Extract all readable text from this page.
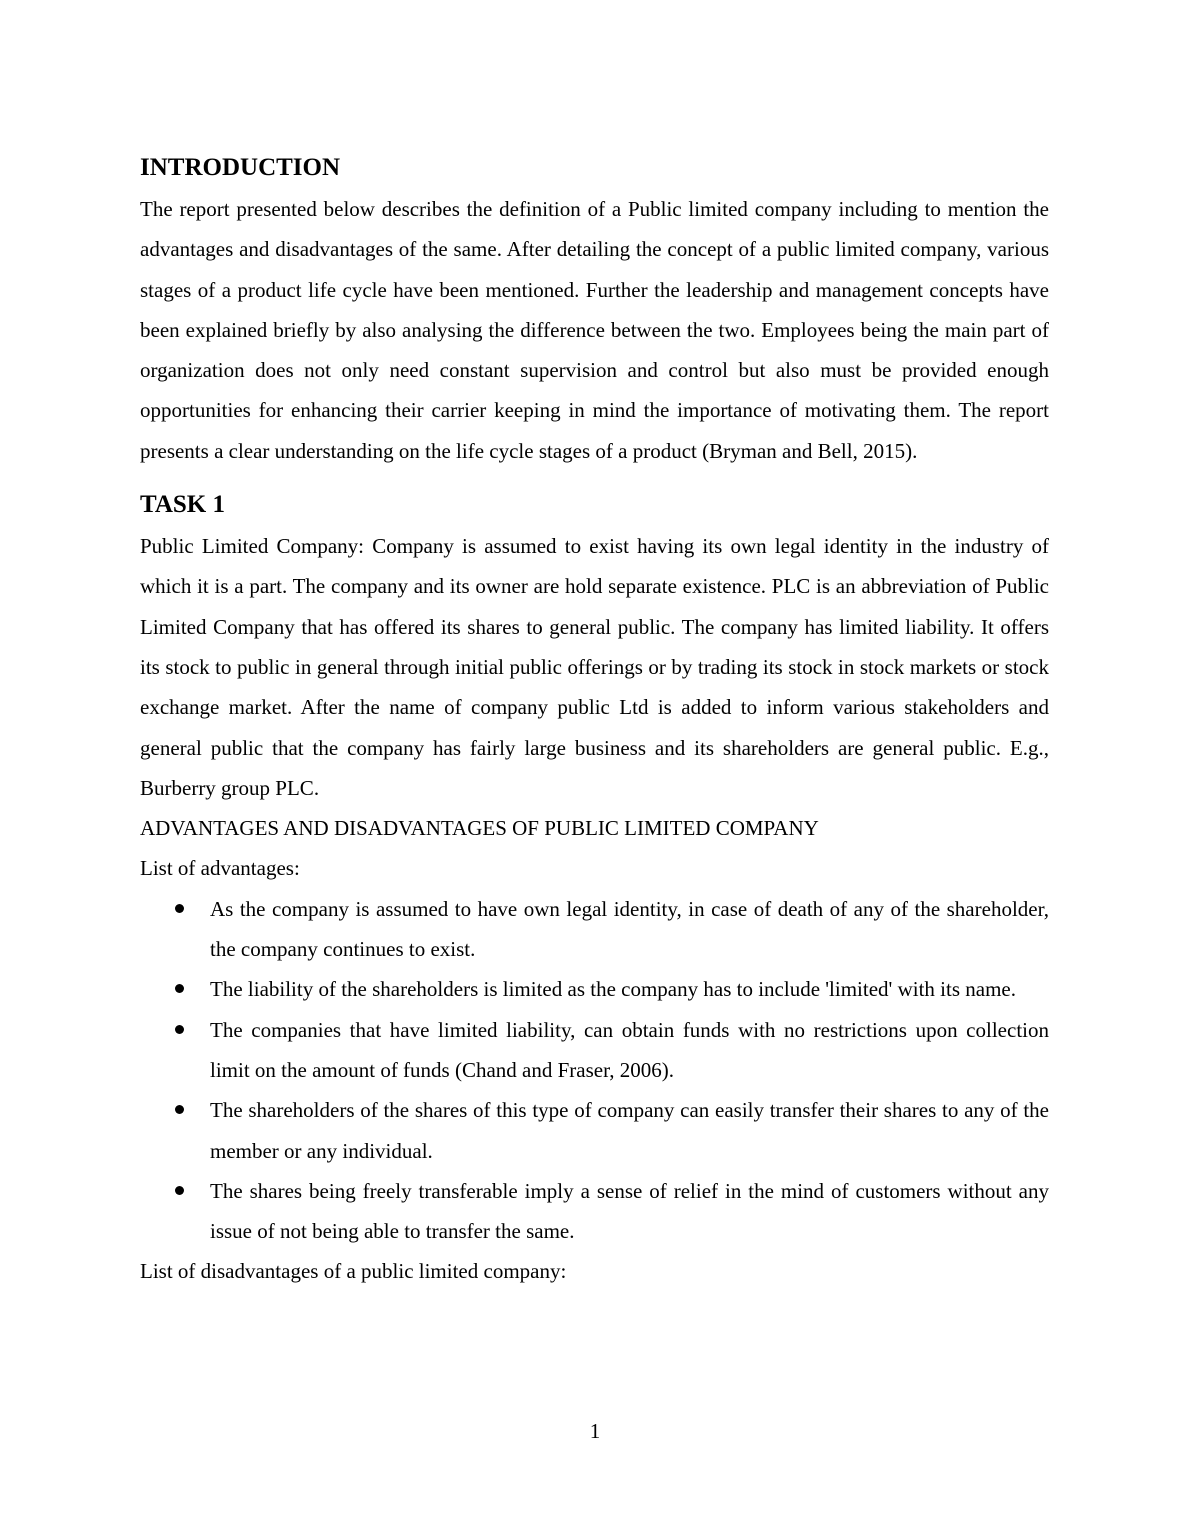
INTRODUCTION

The report presented below describes the definition of a Public limited company including to mention the advantages and disadvantages of the same. After detailing the concept of a public limited company, various stages of a product life cycle have been mentioned. Further the leadership and management concepts have been explained briefly by also analysing the difference between the two. Employees being the main part of organization does not only need constant supervision and control but also must be provided enough opportunities for enhancing their carrier keeping in mind the importance of motivating them. The report presents a clear understanding on the life cycle stages of a product (Bryman and Bell, 2015).

TASK 1

Public Limited Company: Company is assumed to exist having its own legal identity in the industry of which it is a part. The company and its owner are hold separate existence. PLC is an abbreviation of Public Limited Company that has offered its shares to general public. The company has limited liability. It offers its stock to public in general through initial public offerings or by trading its stock in stock markets or stock exchange market. After the name of company public Ltd is added to inform various stakeholders and general public that the company has fairly large business and its shareholders are general public. E.g., Burberry group PLC.

ADVANTAGES AND DISADVANTAGES OF PUBLIC LIMITED COMPANY

List of advantages:

As the company is assumed to have own legal identity, in case of death of any of the shareholder, the company continues to exist.
The liability of the shareholders is limited as the company has to include 'limited' with its name.
The companies that have limited liability, can obtain funds with no restrictions upon collection limit on the amount of funds (Chand and Fraser, 2006).
The shareholders of the shares of this type of company can easily transfer their shares to any of the member or any individual.
The shares being freely transferable imply a sense of relief in the mind of customers without any issue of not being able to transfer the same.

List of disadvantages of a public limited company:

1
